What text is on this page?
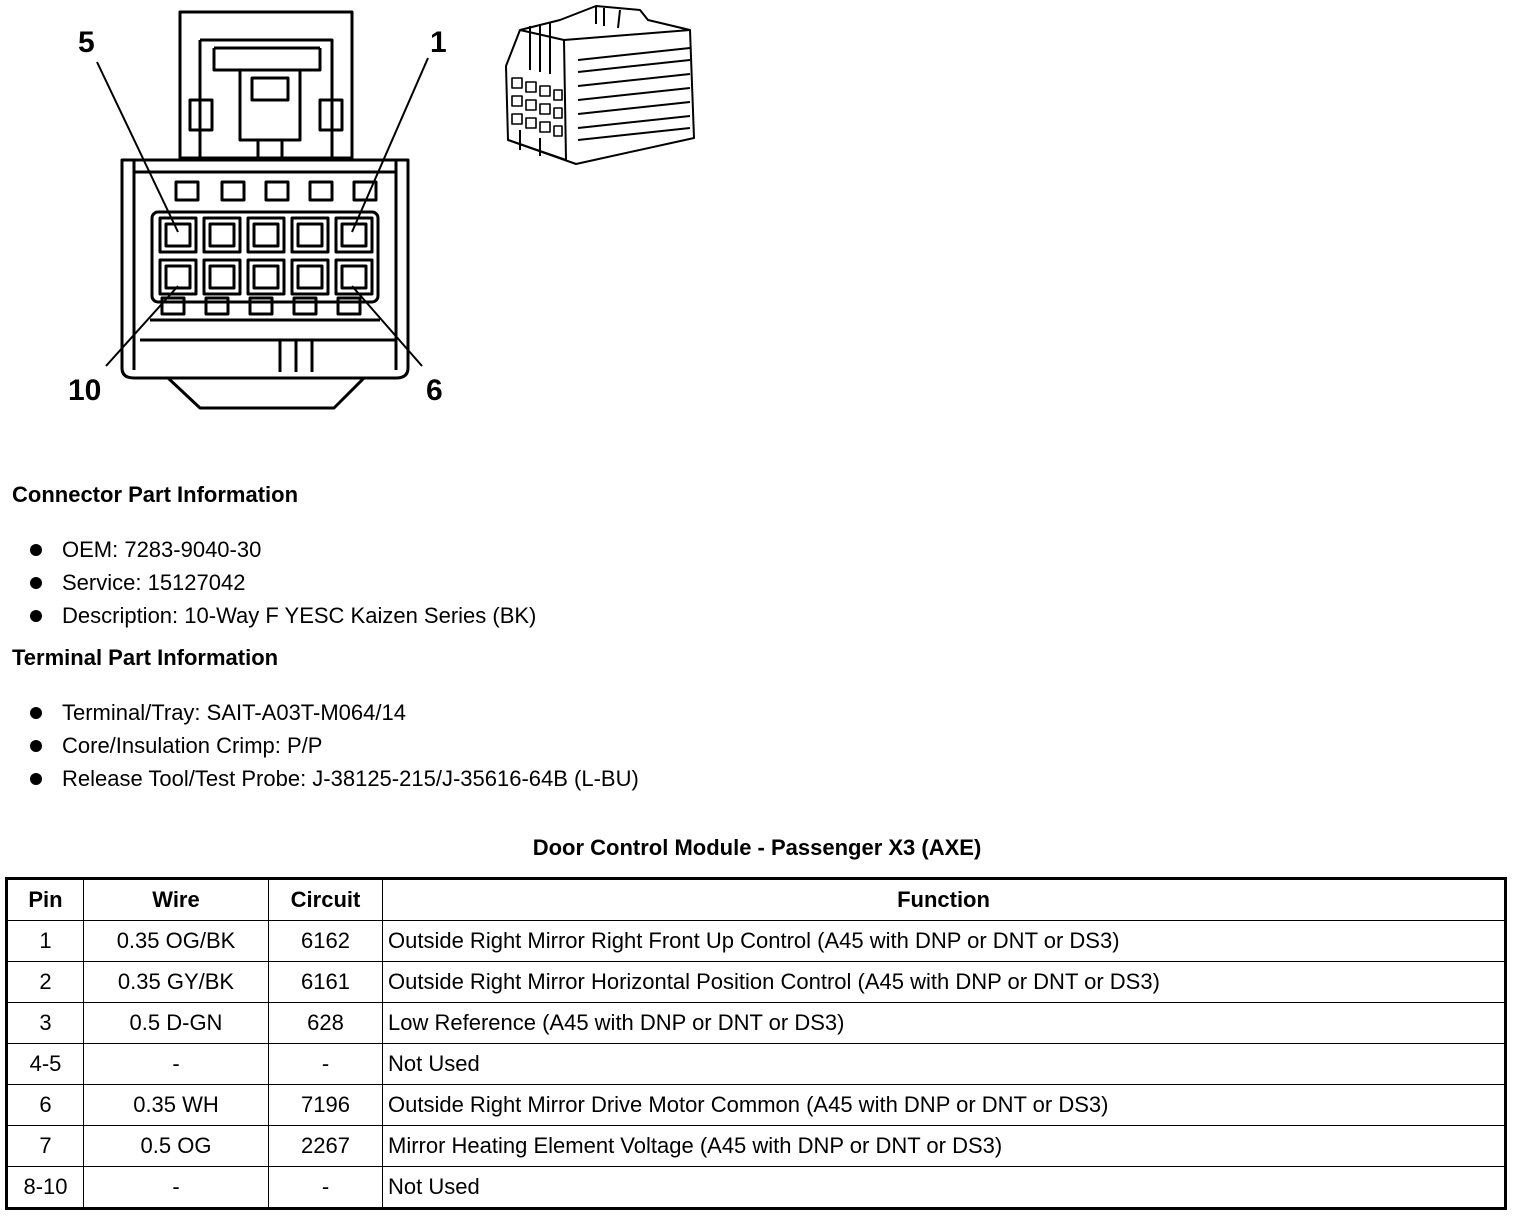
5	1
10	6
Connector Part Information
OEM: 7283-9040-30
Service: 15127042
Description: 10-Way F YESC Kaizen Series (BK)
Terminal Part Information
Terminal/Tray: SAIT-A03T-M064/14
Core/Insulation Crimp: P/P
Release Tool/Test Probe: J-38125-215/J-35616-64B (L-BU)
Door Control Module - Passenger X3 (AXE)
Pin	Wire	Circuit	Function
1	0.35 OG/BK	6162	Outside Right Mirror Right Front Up Control (A45 with DNP or DNT or DS3)
2	0.35 GY/BK	6161	Outside Right Mirror Horizontal Position Control (A45 with DNP or DNT or DS3)
3	0.5 D-GN	628	Low Reference (A45 with DNP or DNT or DS3)
4-5	-	-	Not Used
6	0.35 WH	7196	Outside Right Mirror Drive Motor Common (A45 with DNP or DNT or DS3)
7	0.5 OG	2267	Mirror Heating Element Voltage (A45 with DNP or DNT or DS3)
8-10	-	-	Not Used
